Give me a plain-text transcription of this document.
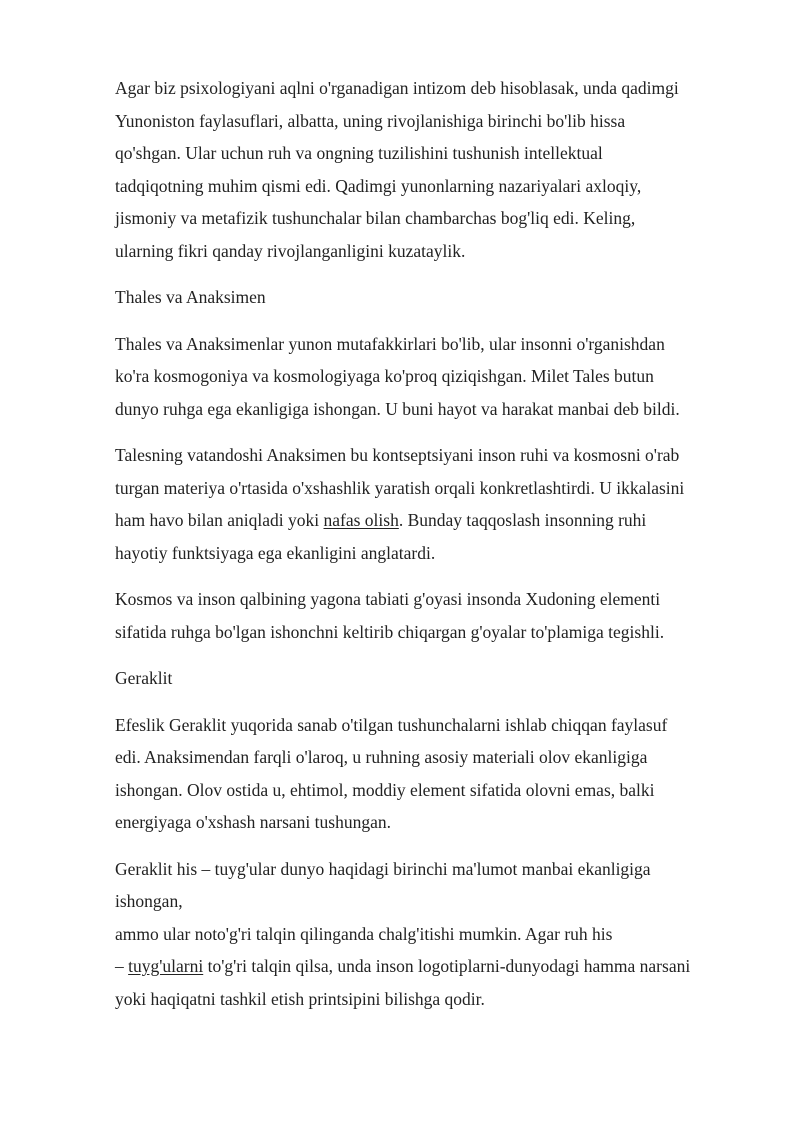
Agar biz psixologiyani aqlni o'rganadigan intizom deb hisoblasak, unda qadimgi
Yunoniston faylasuflari, albatta, uning rivojlanishiga birinchi bo'lib hissa
qo'shgan. Ular uchun ruh va ongning tuzilishini tushunish intellektual
tadqiqotning muhim qismi edi. Qadimgi yunonlarning nazariyalari axloqiy,
jismoniy va metafizik tushunchalar bilan chambarchas bog'liq edi. Keling,
ularning fikri qanday rivojlanganligini kuzataylik.
Thales va Anaksimen
Thales va Anaksimenlar yunon mutafakkirlari bo'lib, ular insonni o'rganishdan
ko'ra kosmogoniya va kosmologiyaga ko'proq qiziqishgan. Milet Tales butun
dunyo ruhga ega ekanligiga ishongan. U buni hayot va harakat manbai deb bildi.
Talesning vatandoshi Anaksimen bu kontseptsiyani inson ruhi va kosmosni o'rab
turgan materiya o'rtasida o'xshashlik yaratish orqali konkretlashtirdi. U ikkalasini
ham havo bilan aniqladi yoki nafas olish. Bunday taqqoslash insonning ruhi
hayotiy funktsiyaga ega ekanligini anglatardi.
Kosmos va inson qalbining yagona tabiati g'oyasi insonda Xudoning elementi
sifatida ruhga bo'lgan ishonchni keltirib chiqargan g'oyalar to'plamiga tegishli.
Geraklit
Efeslik Geraklit yuqorida sanab o'tilgan tushunchalarni ishlab chiqqan faylasuf
edi. Anaksimendan farqli o'laroq, u ruhning asosiy materiali olov ekanligiga
ishongan. Olov ostida u, ehtimol, moddiy element sifatida olovni emas, balki
energiyaga o'xshash narsani tushungan.
Geraklit his – tuyg'ular dunyo haqidagi birinchi ma'lumot manbai ekanligiga
ishongan,
ammo ular noto'g'ri talqin qilinganda chalg'itishi mumkin. Agar ruh his
– tuyg'ularni to'g'ri talqin qilsa, unda inson logotiplarni-dunyodagi hamma narsani
yoki haqiqatni tashkil etish printsipini bilishga qodir.
